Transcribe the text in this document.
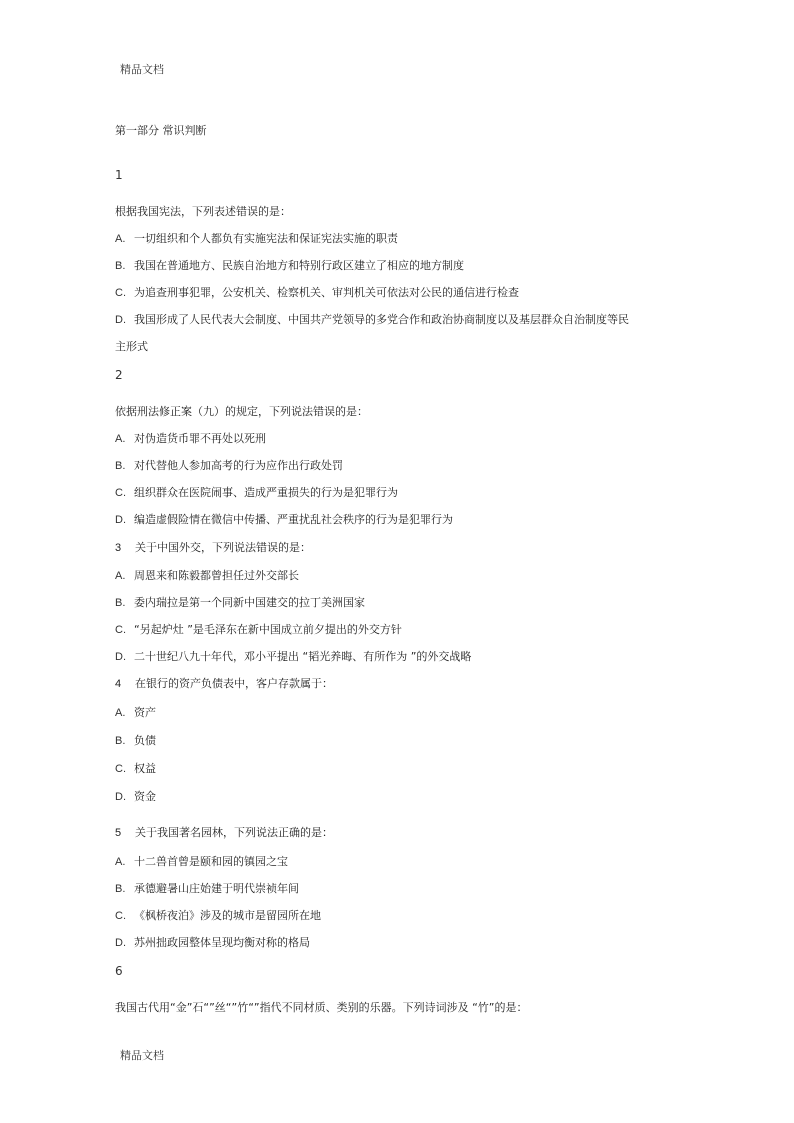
精品文档
第一部分 常识判断
1
根据我国宪法，下列表述错误的是：
A. 一切组织和个人都负有实施宪法和保证宪法实施的职责
B. 我国在普通地方、民族自治地方和特别行政区建立了相应的地方制度
C. 为追查刑事犯罪，公安机关、检察机关、审判机关可依法对公民的通信进行检查
D. 我国形成了人民代表大会制度、中国共产党领导的多党合作和政治协商制度以及基层群众自治制度等民
主形式
2
依据刑法修正案（九）的规定，下列说法错误的是：
A. 对伪造货币罪不再处以死刑
B. 对代替他人参加高考的行为应作出行政处罚
C. 组织群众在医院闹事、造成严重损失的行为是犯罪行为
D. 编造虚假险情在微信中传播、严重扰乱社会秩序的行为是犯罪行为
3 关于中国外交，下列说法错误的是：
A. 周恩来和陈毅都曾担任过外交部长
B. 委内瑞拉是第一个同新中国建交的拉丁美洲国家
C. “另起炉灶 ”是毛泽东在新中国成立前夕提出的外交方针
D. 二十世纪八九十年代，邓小平提出 “韬光养晦、有所作为 ”的外交战略
4 在银行的资产负债表中，客户存款属于：
A. 资产
B. 负债
C. 权益
D. 资金
5 关于我国著名园林，下列说法正确的是：
A. 十二兽首曾是颐和园的镇园之宝
B. 承德避暑山庄始建于明代崇祯年间
C. 《枫桥夜泊》涉及的城市是留园所在地
D. 苏州拙政园整体呈现均衡对称的格局
6
我国古代用“金”石“”丝“”竹“”指代不同材质、类别的乐器。下列诗词涉及 “竹”的是：
精品文档
